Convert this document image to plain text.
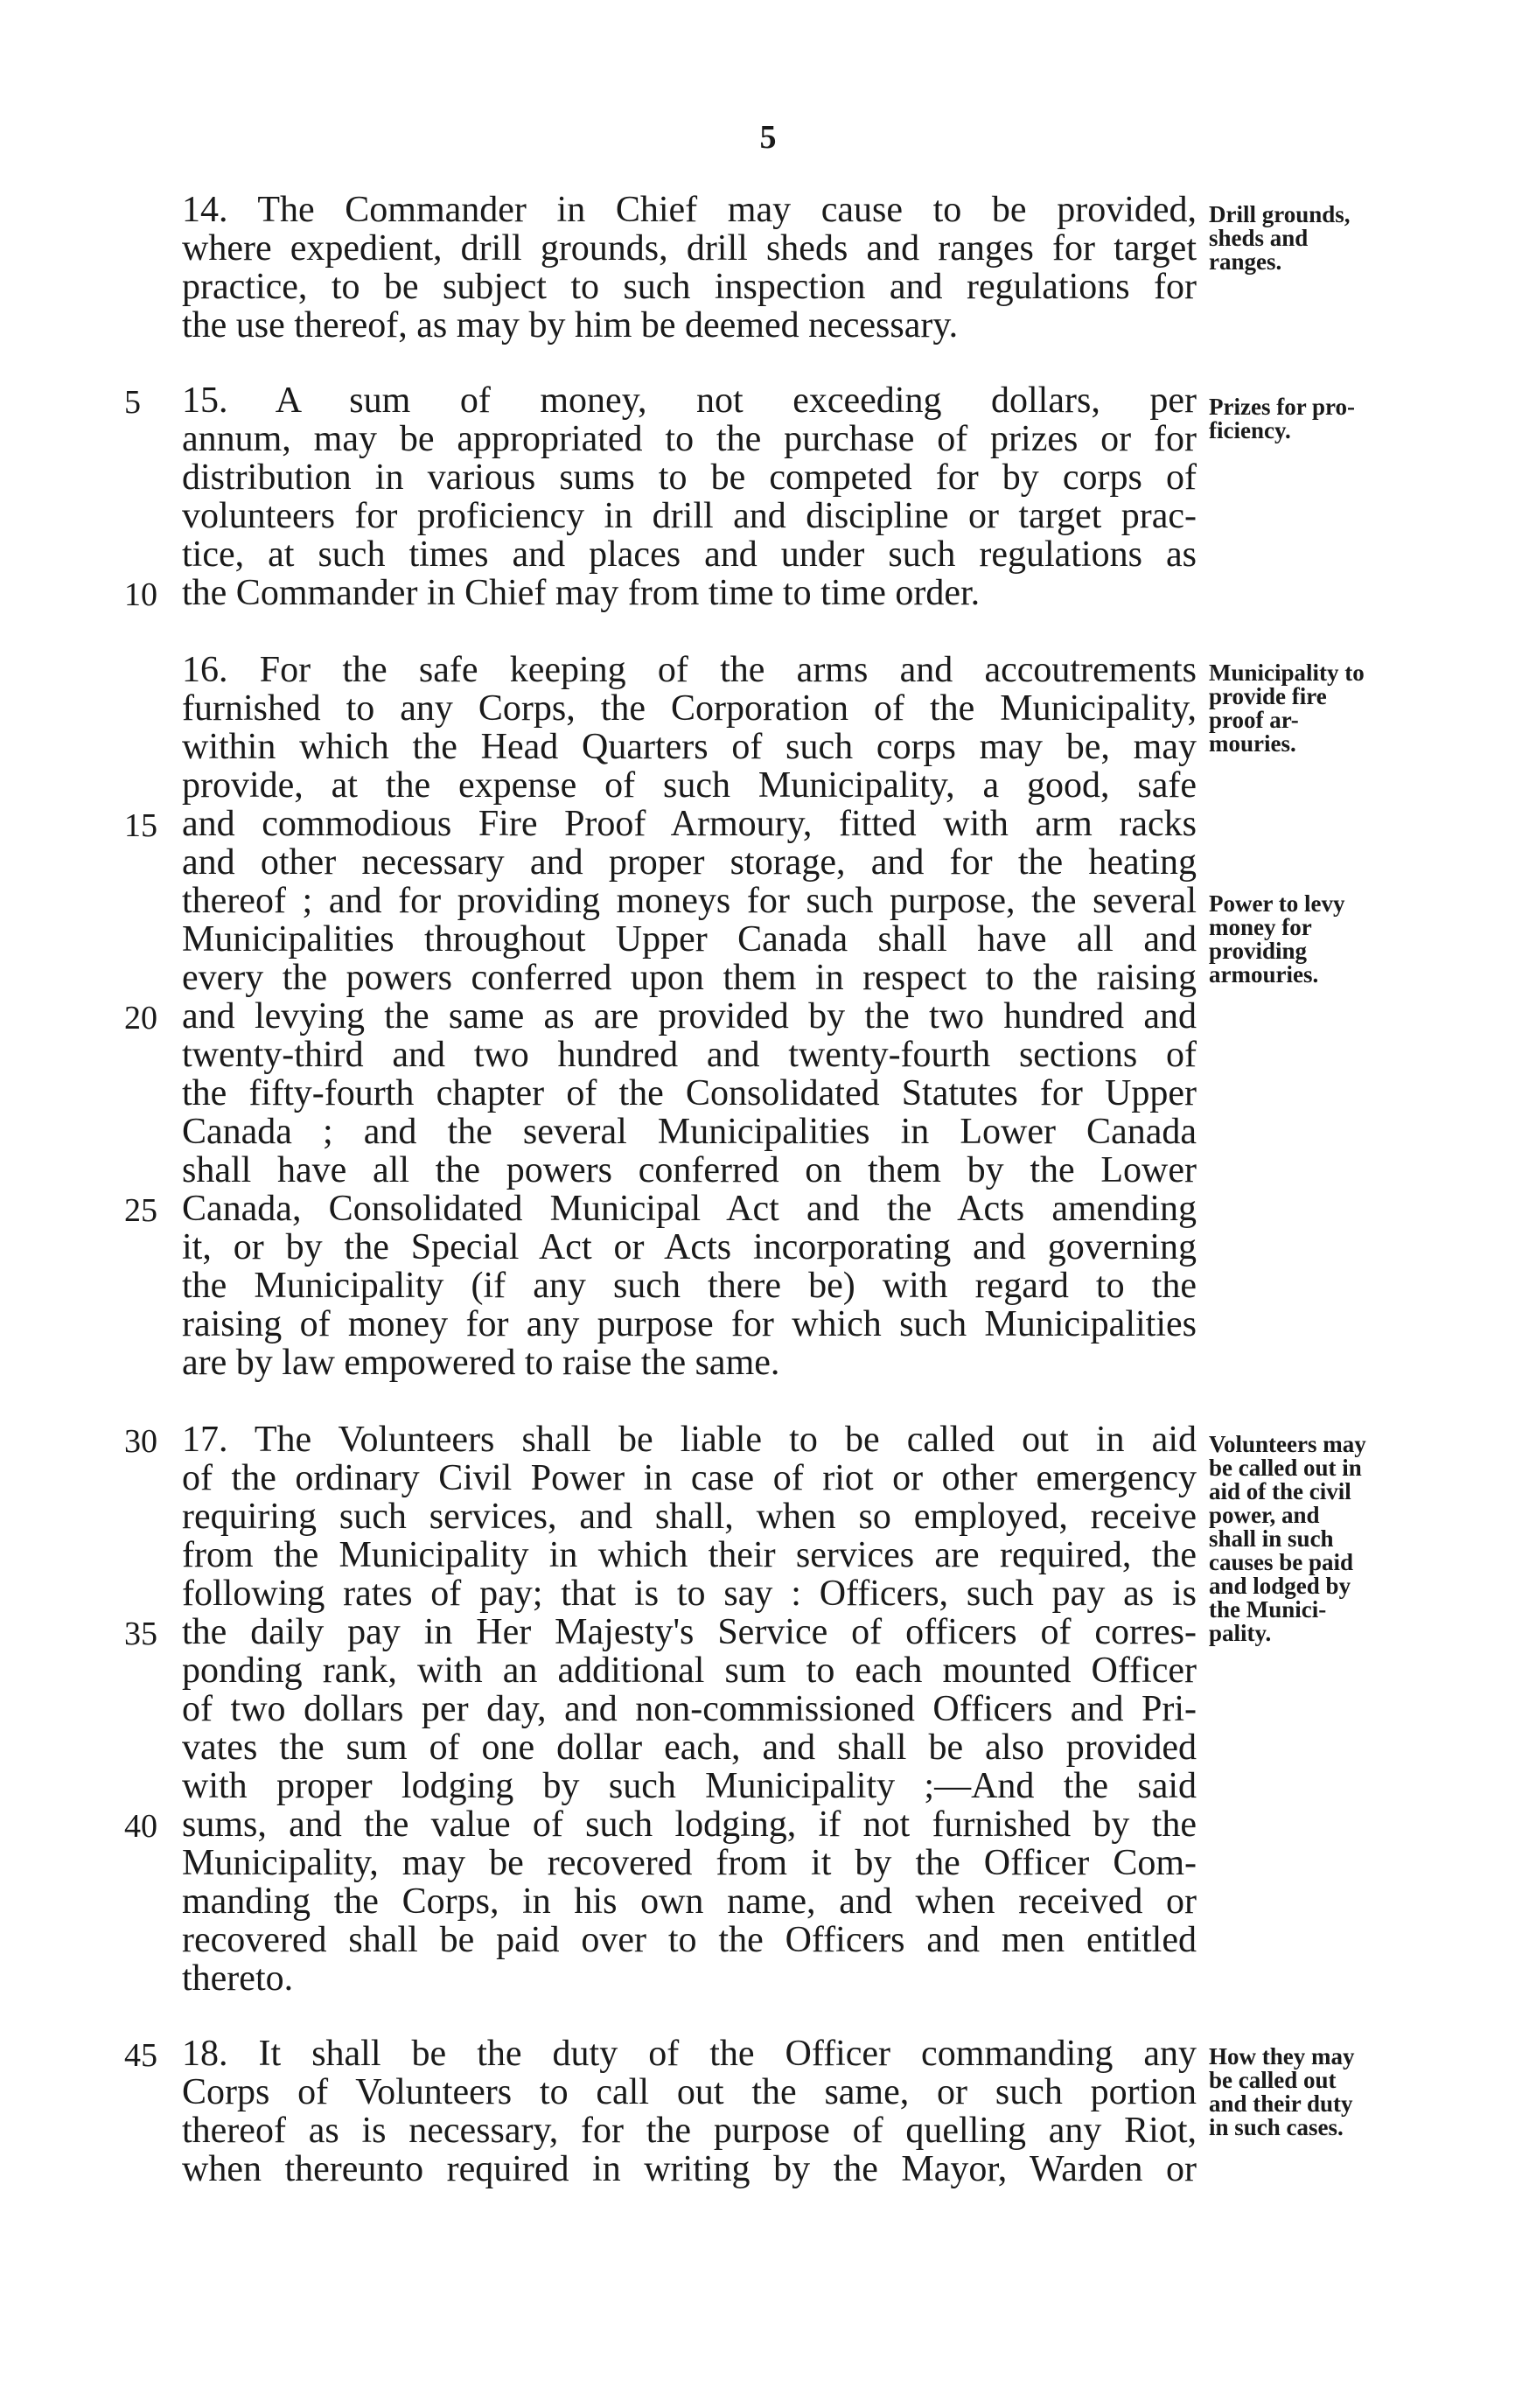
5
14. The Commander in Chief may cause to be provided,
where expedient, drill grounds, drill sheds and ranges for target
practice, to be subject to such inspection and regulations for
the use thereof, as may by him be deemed necessary.
Drill grounds,
sheds and
ranges.
5	15. A sum of money, not exceeding dollars, per
annum, may be appropriated to the purchase of prizes or for
distribution in various sums to be competed for by corps of
volunteers for proficiency in drill and discipline or target prac-
tice, at such times and places and under such regulations as
10 the Commander in Chief may from time to time order.
Prizes for pro-
ficiency.
16. For the safe keeping of the arms and accoutrements
furnished to any Corps, the Corporation of the Municipality,
within which the Head Quarters of such corps may be, may
provide, at the expense of such Municipality, a good, safe
15 and commodious Fire Proof Armoury, fitted with arm racks
and other necessary and proper storage, and for the heating
thereof ; and for providing moneys for such purpose, the several
Municipalities throughout Upper Canada shall have all and
every the powers conferred upon them in respect to the raising
20 and levying the same as are provided by the two hundred and
twenty-third and two hundred and twenty-fourth sections of
the fifty-fourth chapter of the Consolidated Statutes for Upper
Canada ; and the several Municipalities in Lower Canada
shall have all the powers conferred on them by the Lower
25 Canada, Consolidated Municipal Act and the Acts amending
it, or by the Special Act or Acts incorporating and governing
the Municipality (if any such there be) with regard to the
raising of money for any purpose for which such Municipalities
are by law empowered to raise the same.
Municipality to
provide fire
proof ar-
mouries.
Power to levy
money for
providing
armouries.
30 17. The Volunteers shall be liable to be called out in aid
of the ordinary Civil Power in case of riot or other emergency
requiring such services, and shall, when so employed, receive
from the Municipality in which their services are required, the
following rates of pay; that is to say : Officers, such pay as is
35 the daily pay in Her Majesty's Service of officers of corres-
ponding rank, with an additional sum to each mounted Officer
of two dollars per day, and non-commissioned Officers and Pri-
vates the sum of one dollar each, and shall be also provided
with proper lodging by such Municipality ;—And the said
40 sums, and the value of such lodging, if not furnished by the
Municipality, may be recovered from it by the Officer Com-
manding the Corps, in his own name, and when received or
recovered shall be paid over to the Officers and men entitled
thereto.
Volunteers may
be called out in
aid of the civil
power, and
shall in such
causes be paid
and lodged by
the Munici-
pality.
45 18. It shall be the duty of the Officer commanding any
Corps of Volunteers to call out the same, or such portion
thereof as is necessary, for the purpose of quelling any Riot,
when thereunto required in writing by the Mayor, Warden or
How they may
be called out
and their duty
in such cases.
